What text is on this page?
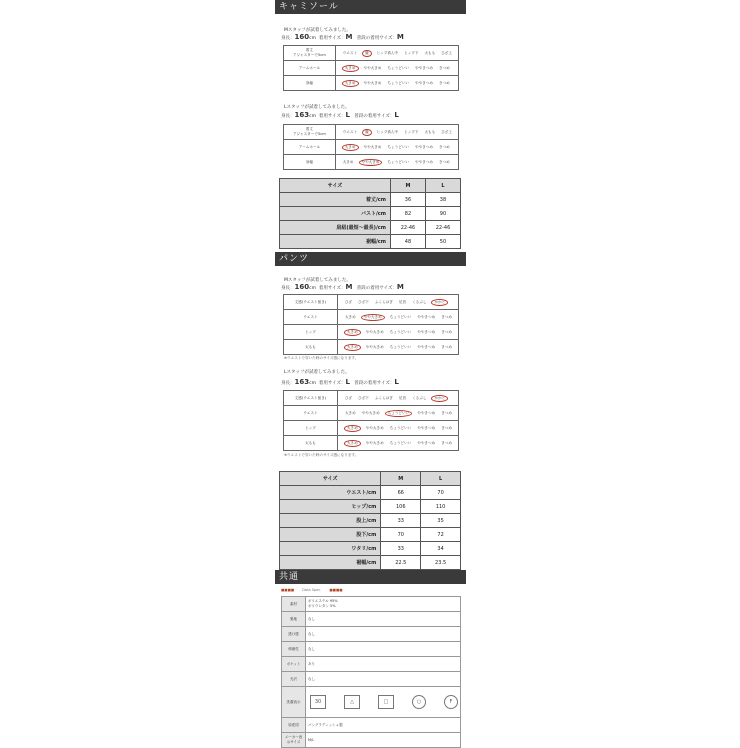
キャミソール
Mスタッフが試着してみました。
身長：160cm 着用サイズ：M 普段の着用サイズ：M
着丈
アジャスターで5cm	ウエスト 腰 ヒップ真ん中 ヒップ下 太もも ひざ上
アームホール	大きめ やや大きめ ちょうどいい ややきつめ きつめ
身幅	大きめ やや大きめ ちょうどいい ややきつめ きつめ
Lスタッフが試着してみました。
身長：163cm 着用サイズ：L 普段の着用サイズ：L
着丈
アジャスターで5cm	ウエスト 腰 ヒップ真ん中 ヒップ下 太もも ひざ上
アームホール	大きめ やや大きめ ちょうどいい ややきつめ きつめ
身幅	大きめ やや大きめ ちょうどいい ややきつめ きつめ
サイズ	M	L
着丈/cm	36	38
バスト/cm	82	90
肩紐(最短～最長)/cm	22-46	22-46
裾幅/cm	48	50
パンツ
Mスタッフが試着してみました。
身長：160cm 着用サイズ：M 普段の着用サイズ：M
丈感(ウエスト留き)	ひざ ひざ下 ふくらはぎ 足首 くるぶし かかと
ウエスト	大きめ やや大きめ ちょうどいい ややきつめ きつめ
ヒップ	大きめ やや大きめ ちょうどいい ややきつめ きつめ
太もも	大きめ やや大きめ ちょうどいい ややきつめ きつめ
※ウエストで穿いた時のサイズ感になります。
Lスタッフが試着してみました。
身長：163cm 着用サイズ：L 普段の着用サイズ：L
丈感(ウエスト留き)	ひざ ひざ下 ふくらはぎ 足首 くるぶし かかと
ウエスト	大きめ やや大きめ ちょうどいい ややきつめ きつめ
ヒップ	大きめ やや大きめ ちょうどいい ややきつめ きつめ
太もも	大きめ やや大きめ ちょうどいい ややきつめ きつめ
※ウエストで穿いた時のサイズ感になります。
サイズ	M	L
ウエスト/cm	66	70
ヒップ/cm	106	110
股上/cm	33	35
股下/cm	70	72
ワタリ/cm	33	34
裾幅/cm	22.5	23.5
共通
■■■■ Data Spec. ■■■■
素材	ポリエステル 95%
ポリウレタン 5%
裏地	なし
透け感	なし
伸縮性	なし
ポケット	あり
光沢	なし
洗濯表示	30 △ □ ○ F

原産国	バングラディッシュ製
メーカー表示サイズ	M/L
